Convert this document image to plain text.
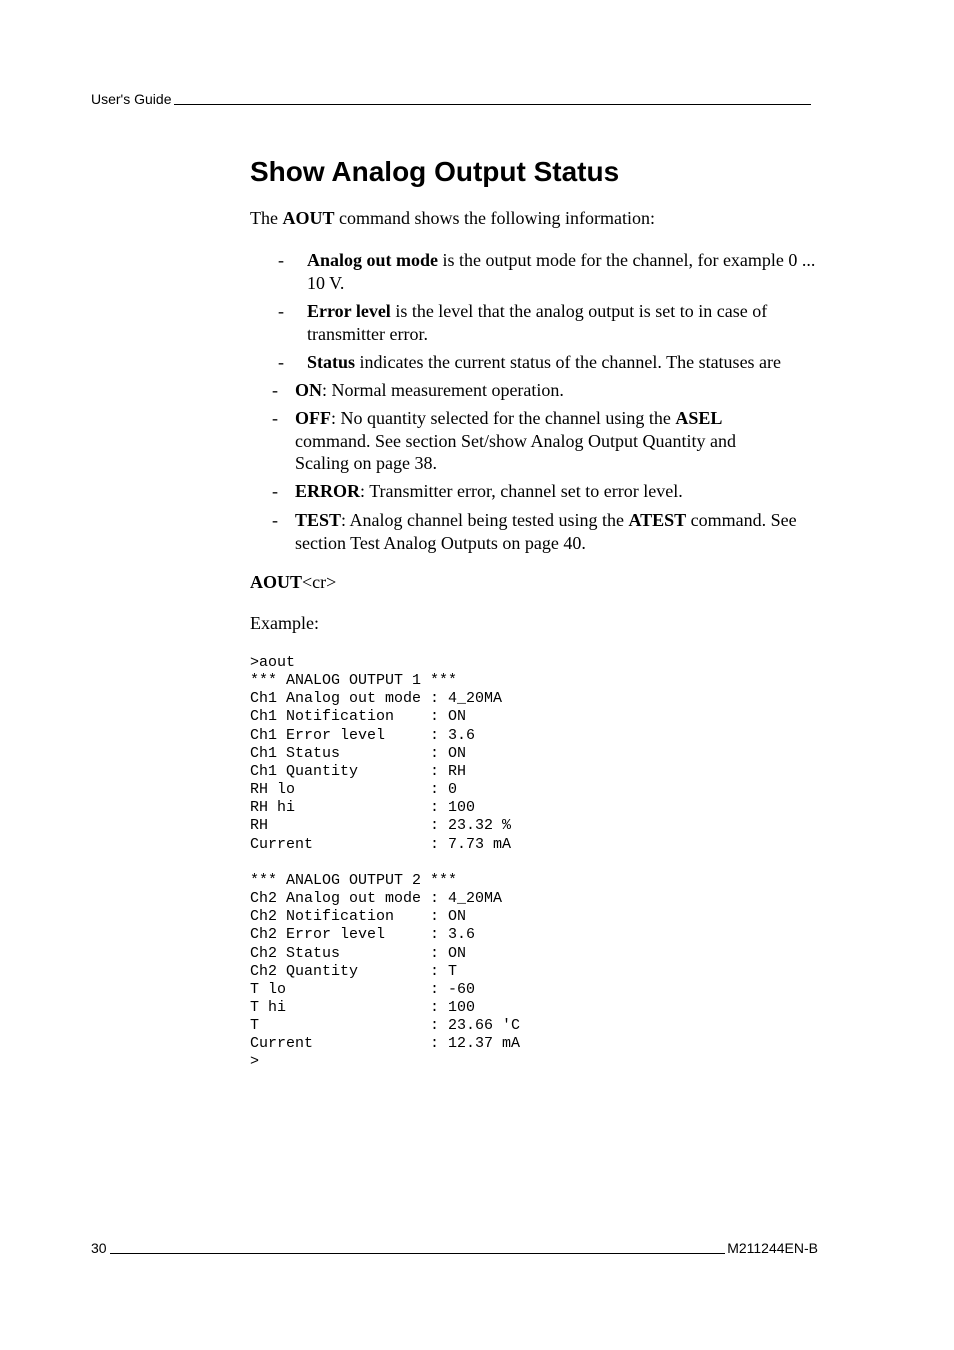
User's Guide
Show Analog Output Status

The AOUT command shows the following information:

- Analog out mode is the output mode for the channel, for example 0 ... 10 V.
- Error level is the level that the analog output is set to in case of transmitter error.
- Status indicates the current status of the channel. The statuses are
- ON: Normal measurement operation.
- OFF: No quantity selected for the channel using the ASEL command. See section Set/show Analog Output Quantity and Scaling on page 38.
- ERROR: Transmitter error, channel set to error level.
- TEST: Analog channel being tested using the ATEST command. See section Test Analog Outputs on page 40.
AOUT<cr>
Example:
>aout
*** ANALOG OUTPUT 1 ***
Ch1 Analog out mode : 4_20MA
Ch1 Notification    : ON
Ch1 Error level     : 3.6
Ch1 Status          : ON
Ch1 Quantity        : RH
RH lo               : 0
RH hi               : 100
RH                  : 23.32 %
Current             : 7.73 mA

*** ANALOG OUTPUT 2 ***
Ch2 Analog out mode : 4_20MA
Ch2 Notification    : ON
Ch2 Error level     : 3.6
Ch2 Status          : ON
Ch2 Quantity        : T
T lo                : -60
T hi                : 100
T                   : 23.66 'C
Current             : 12.37 mA
>
30	M211244EN-B
